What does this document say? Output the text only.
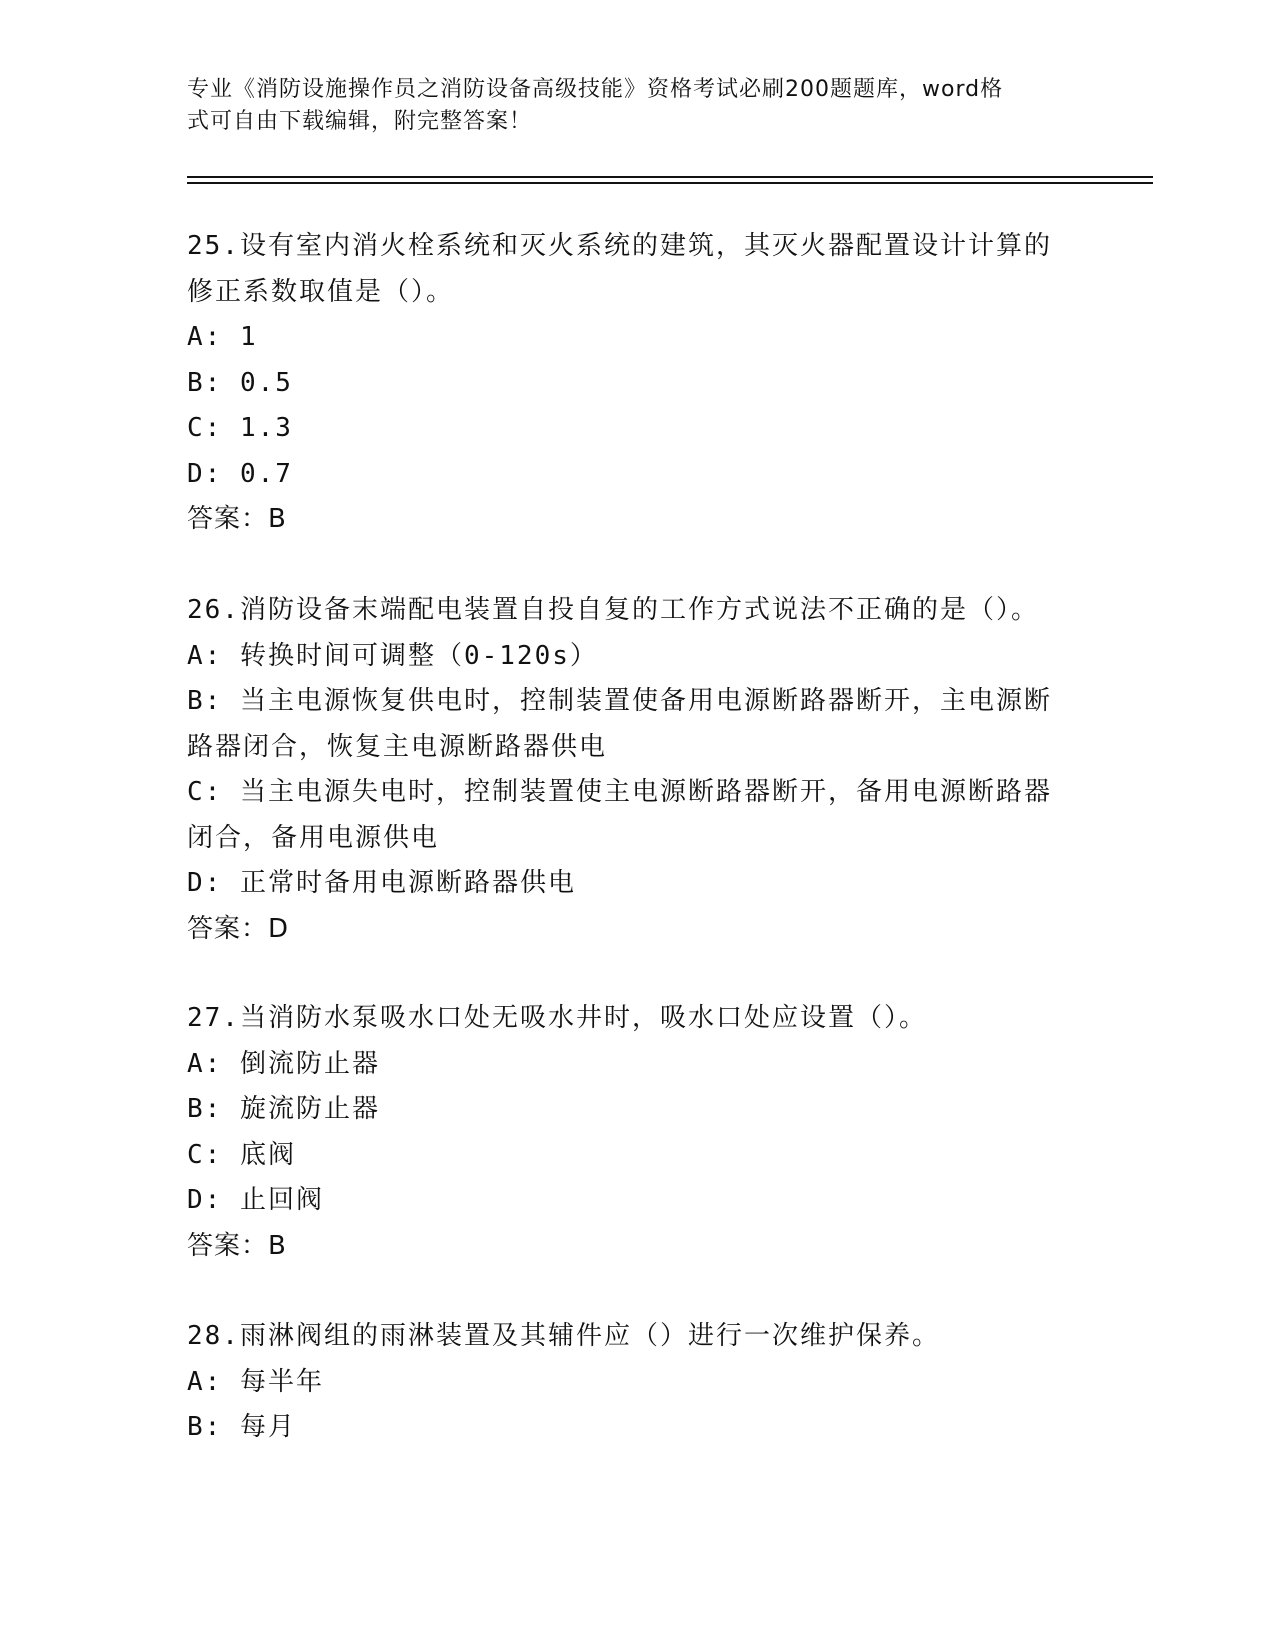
专业《消防设施操作员之消防设备高级技能》资格考试必刷200题题库，word格
式可自由下载编辑，附完整答案！
25.设有室内消火栓系统和灭火系统的建筑，其灭火器配置设计计算的
修正系数取值是（）。
A: 1
B: 0.5
C: 1.3
D: 0.7
答案：B
26.消防设备末端配电装置自投自复的工作方式说法不正确的是（）。
A: 转换时间可调整（0-120s）
B: 当主电源恢复供电时，控制装置使备用电源断路器断开，主电源断
路器闭合，恢复主电源断路器供电
C: 当主电源失电时，控制装置使主电源断路器断开，备用电源断路器
闭合，备用电源供电
D: 正常时备用电源断路器供电
答案：D
27.当消防水泵吸水口处无吸水井时，吸水口处应设置（）。
A: 倒流防止器
B: 旋流防止器
C: 底阀
D: 止回阀
答案：B
28.雨淋阀组的雨淋装置及其辅件应（）进行一次维护保养。
A: 每半年
B: 每月
